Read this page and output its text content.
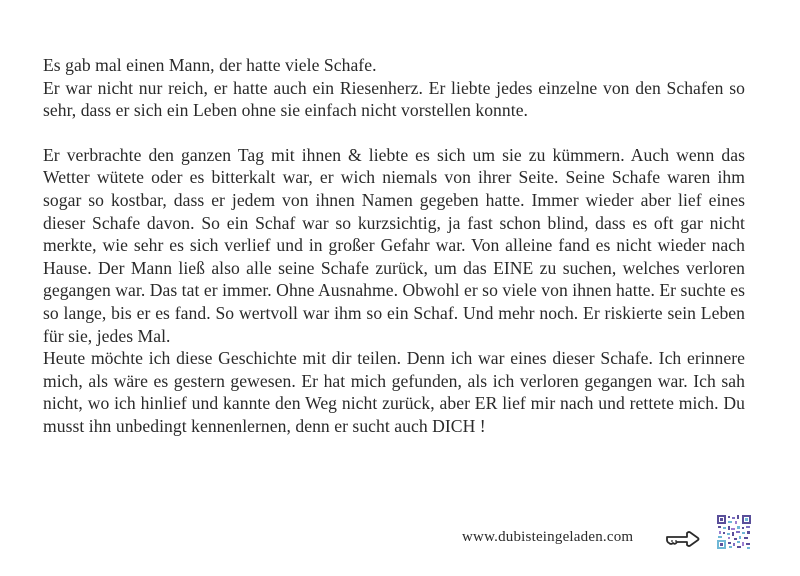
Es gab mal einen Mann, der hatte viele Schafe.

Er war nicht nur reich, er hatte auch ein Riesenherz. Er liebte jedes einzelne von den Schafen so sehr, dass er sich ein Leben ohne sie einfach nicht vorstellen konnte.

Er verbrachte den ganzen Tag mit ihnen & liebte es sich um sie zu kümmern. Auch wenn das Wetter wütete oder es bitterkalt war, er wich niemals von ihrer Seite. Seine Schafe waren ihm sogar so kostbar, dass er jedem von ihnen Namen gegeben hatte. Immer wieder aber lief eines dieser Schafe davon. So ein Schaf war so kurzsichtig, ja fast schon blind, dass es oft gar nicht merkte, wie sehr es sich verlief und in großer Gefahr war. Von alleine fand es nicht wieder nach Hause. Der Mann ließ also alle seine Schafe zurück, um das EINE zu suchen, welches verloren gegangen war. Das tat er immer. Ohne Ausnahme. Obwohl er so viele von ihnen hatte. Er suchte es so lange, bis er es fand. So wertvoll war ihm so ein Schaf. Und mehr noch. Er riskierte sein Leben für sie, jedes Mal.

Heute möchte ich diese Geschichte mit dir teilen. Denn ich war eines dieser Schafe. Ich erinnere mich, als wäre es gestern gewesen. Er hat mich gefunden, als ich verloren gegangen war. Ich sah nicht, wo ich hinlief und kannte den Weg nicht zurück, aber ER lief mir nach und rettete mich. Du musst ihn unbedingt kennenlernen, denn er sucht auch DICH !

www.dubisteingeladen.com
